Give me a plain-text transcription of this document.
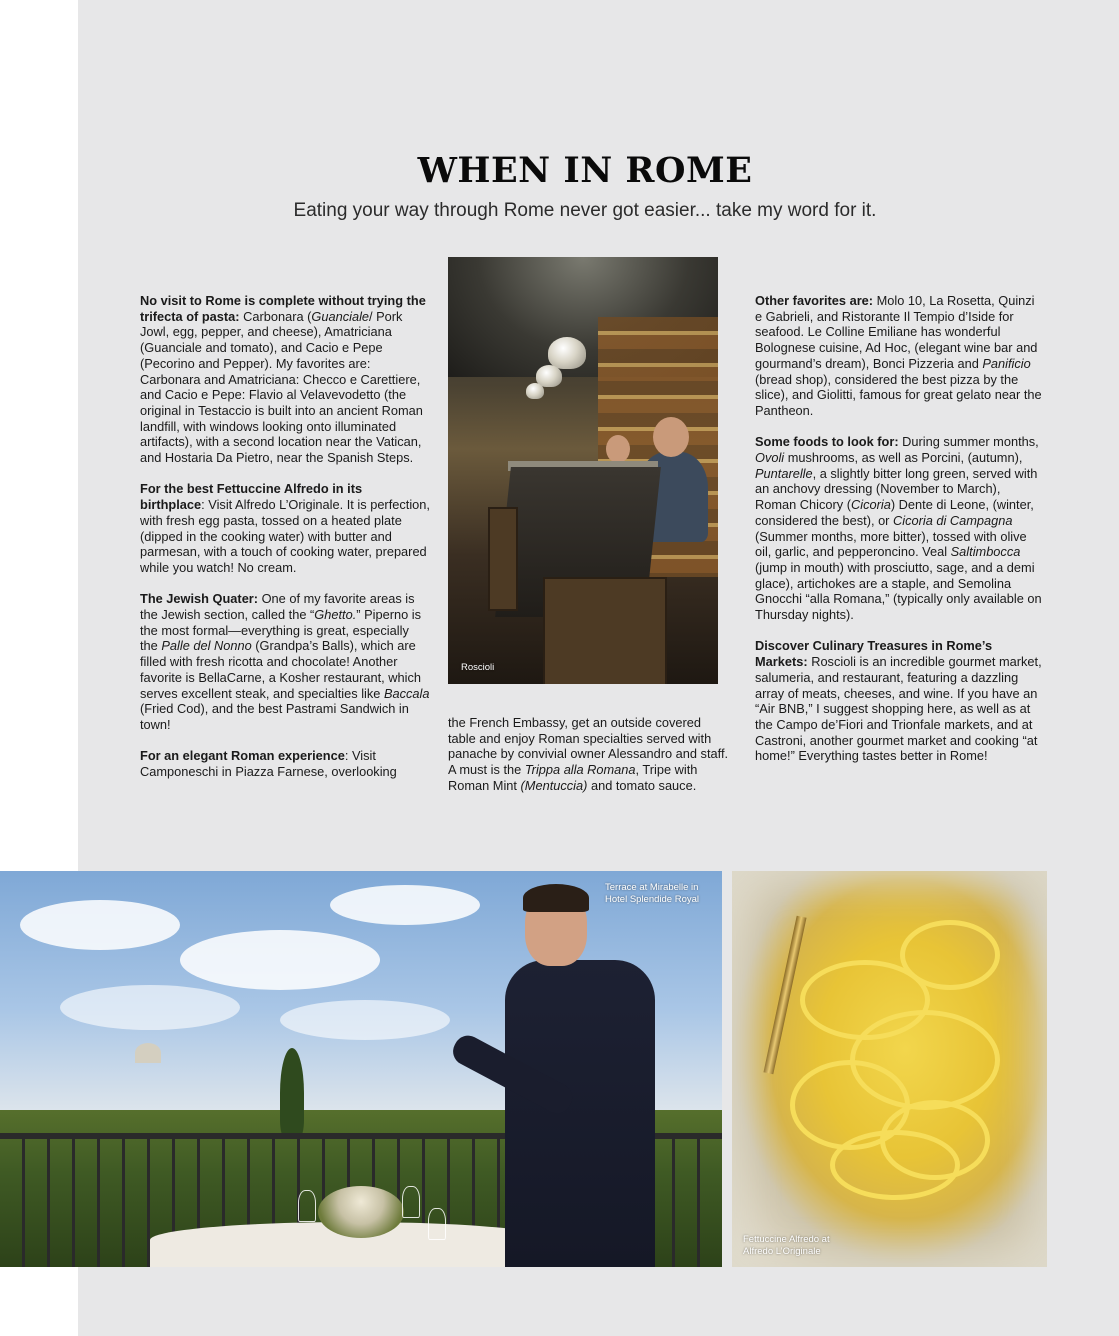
WHEN IN ROME
Eating your way through Rome never got easier... take my word for it.

No visit to Rome is complete without trying the trifecta of pasta: Carbonara (Guanciale/ Pork Jowl, egg, pepper, and cheese), Amatriciana (Guanciale and tomato), and Cacio e Pepe (Pecorino and Pepper). My favorites are: Carbonara and Amatriciana: Checco e Carettiere, and Cacio e Pepe: Flavio al Velavevodetto (the original in Testaccio is built into an ancient Roman landfill, with windows looking onto illuminated artifacts), with a second location near the Vatican, and Hostaria Da Pietro, near the Spanish Steps.

For the best Fettuccine Alfredo in its birthplace: Visit Alfredo L’Originale. It is perfection, with fresh egg pasta, tossed on a heated plate (dipped in the cooking water) with butter and parmesan, with a touch of cooking water, prepared while you watch! No cream.

The Jewish Quater: One of my favorite areas is the Jewish section, called the “Ghetto.” Piperno is the most formal—everything is great, especially the Palle del Nonno (Grandpa’s Balls), which are filled with fresh ricotta and chocolate! Another favorite is BellaCarne, a Kosher restaurant, which serves excellent steak, and specialties like Baccala (Fried Cod), and the best Pastrami Sandwich in town!

For an elegant Roman experience: Visit Camponeschi in Piazza Farnese, overlooking

Roscioli

the French Embassy, get an outside covered table and enjoy Roman specialties served with panache by convivial owner Alessandro and staff. A must is the Trippa alla Romana, Tripe with Roman Mint (Mentuccia) and tomato sauce.

Other favorites are: Molo 10, La Rosetta, Quinzi e Gabrieli, and Ristorante Il Tempio d’Iside for seafood. Le Colline Emiliane has wonderful Bolognese cuisine, Ad Hoc, (elegant wine bar and gourmand’s dream), Bonci Pizzeria and Panificio (bread shop), considered the best pizza by the slice), and Giolitti, famous for great gelato near the Pantheon.

Some foods to look for: During summer months, Ovoli mushrooms, as well as Porcini, (autumn), Puntarelle, a slightly bitter long green, served with an anchovy dressing (November to March), Roman Chicory (Cicoria) Dente di Leone, (winter, considered the best), or Cicoria di Campagna (Summer months, more bitter), tossed with olive oil, garlic, and pepperoncino. Veal Saltimbocca (jump in mouth) with prosciutto, sage, and a demi glace), artichokes are a staple, and Semolina Gnocchi “alla Romana,” (typically only available on Thursday nights).

Discover Culinary Treasures in Rome’s Markets: Roscioli is an incredible gourmet market, salumeria, and restaurant, featuring a dazzling array of meats, cheeses, and wine. If you have an “Air BNB,” I suggest shopping here, as well as at the Campo de’Fiori and Trionfale markets, and at Castroni, another gourmet market and cooking “at home!” Everything tastes better in Rome!

Terrace at Mirabelle in
Hotel Splendide Royal
Fettuccine Alfredo at
Alfredo L’Originale
